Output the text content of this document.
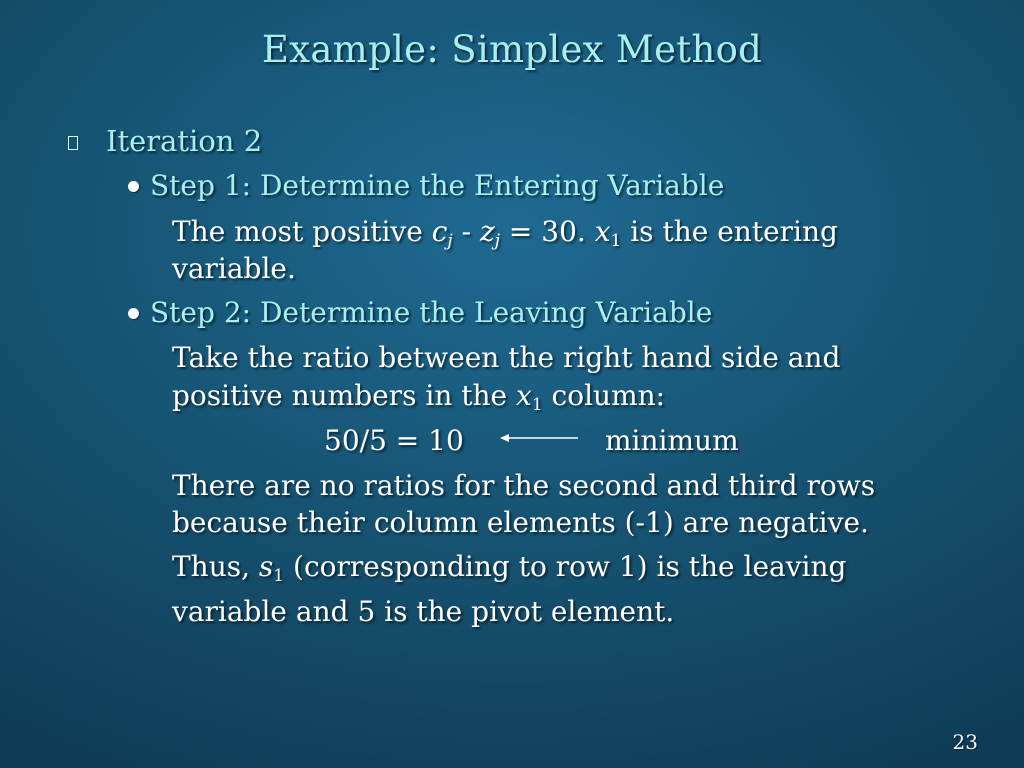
Example: Simplex Method
Iteration 2
Step 1: Determine the Entering Variable
The most positive $c_j - z_j = 30$. $x_1$ is the entering
variable.
Step 2: Determine the Leaving Variable
Take the ratio between the right hand side and
positive numbers in the $x_1$ column:
50/5 = 10	minimum
There are no ratios for the second and third rows
because their column elements (-1) are negative.
Thus, $s_1$ (corresponding to row 1) is the leaving
variable and 5 is the pivot element.
23
